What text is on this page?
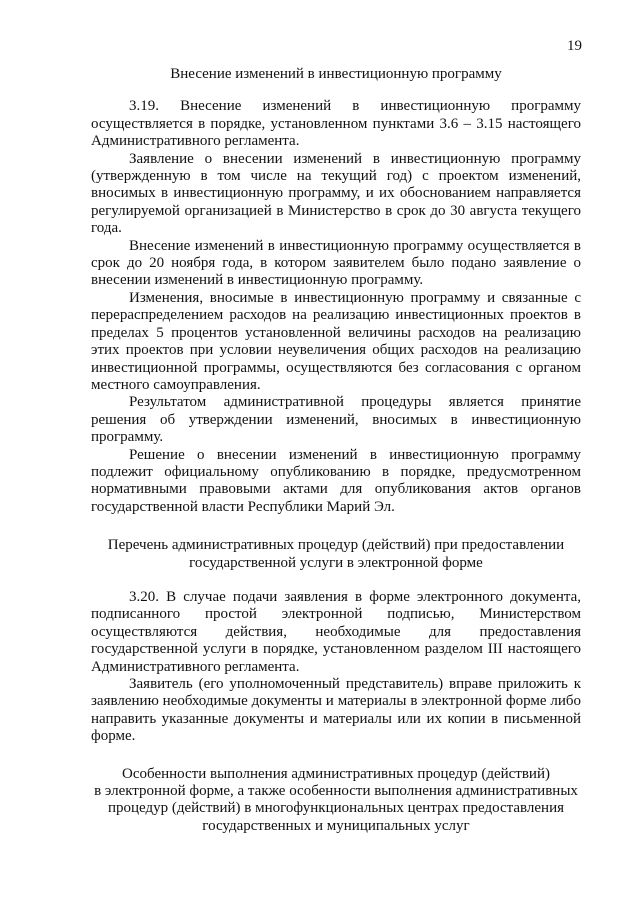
19
Внесение изменений в инвестиционную программу

3.19. Внесение изменений в инвестиционную программу осуществляется в порядке, установленном пунктами 3.6 – 3.15 настоящего Административного регламента.

Заявление о внесении изменений в инвестиционную программу (утвержденную в том числе на текущий год) с проектом изменений, вносимых в инвестиционную программу, и их обоснованием направляется регулируемой организацией в Министерство в срок до 30 августа текущего года.

Внесение изменений в инвестиционную программу осуществляется в срок до 20 ноября года, в котором заявителем было подано заявление о внесении изменений в инвестиционную программу.

Изменения, вносимые в инвестиционную программу и связанные с перераспределением расходов на реализацию инвестиционных проектов в пределах 5 процентов установленной величины расходов на реализацию этих проектов при условии неувеличения общих расходов на реализацию инвестиционной программы, осуществляются без согласования с органом местного самоуправления.

Результатом административной процедуры является принятие решения об утверждении изменений, вносимых в инвестиционную программу.

Решение о внесении изменений в инвестиционную программу подлежит официальному опубликованию в порядке, предусмотренном нормативными правовыми актами для опубликования актов органов государственной власти Республики Марий Эл.

Перечень административных процедур (действий) при предоставлении
государственной услуги в электронной форме

3.20. В случае подачи заявления в форме электронного документа, подписанного простой электронной подписью, Министерством осуществляются действия, необходимые для предоставления государственной услуги в порядке, установленном разделом III настоящего Административного регламента.

Заявитель (его уполномоченный представитель) вправе приложить к заявлению необходимые документы и материалы в электронной форме либо направить указанные документы и материалы или их копии в письменной форме.

Особенности выполнения административных процедур (действий)
в электронной форме, а также особенности выполнения административных
процедур (действий) в многофункциональных центрах предоставления
государственных и муниципальных услуг
